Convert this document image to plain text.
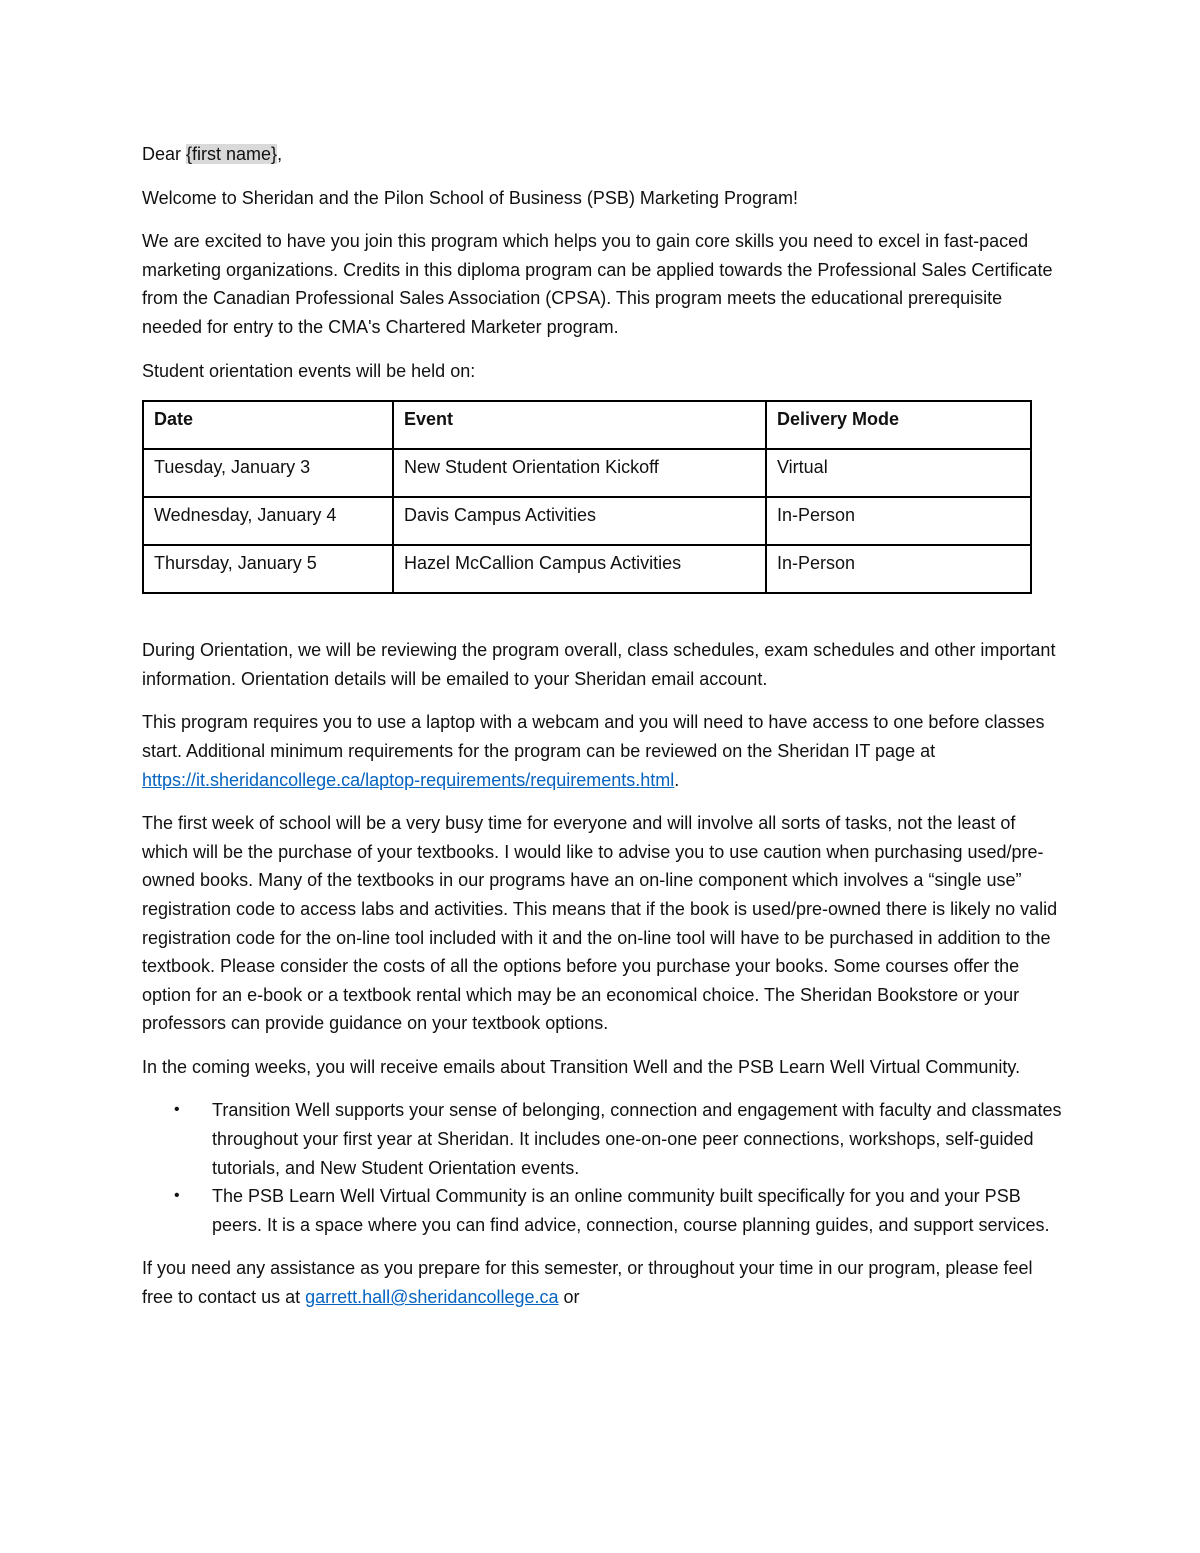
Dear {first name},

Welcome to Sheridan and the Pilon School of Business (PSB) Marketing Program!

We are excited to have you join this program which helps you to gain core skills you need to excel in fast-paced marketing organizations. Credits in this diploma program can be applied towards the Professional Sales Certificate from the Canadian Professional Sales Association (CPSA). This program meets the educational prerequisite needed for entry to the CMA's Chartered Marketer program.

Student orientation events will be held on:

Date	Event	Delivery Mode
Tuesday, January 3	New Student Orientation Kickoff	Virtual
Wednesday, January 4	Davis Campus Activities	In-Person
Thursday, January 5	Hazel McCallion Campus Activities	In-Person

During Orientation, we will be reviewing the program overall, class schedules, exam schedules and other important information. Orientation details will be emailed to your Sheridan email account.

This program requires you to use a laptop with a webcam and you will need to have access to one before classes start. Additional minimum requirements for the program can be reviewed on the Sheridan IT page at https://it.sheridancollege.ca/laptop-requirements/requirements.html.

The first week of school will be a very busy time for everyone and will involve all sorts of tasks, not the least of which will be the purchase of your textbooks. I would like to advise you to use caution when purchasing used/pre-owned books. Many of the textbooks in our programs have an on-line component which involves a “single use” registration code to access labs and activities. This means that if the book is used/pre-owned there is likely no valid registration code for the on-line tool included with it and the on-line tool will have to be purchased in addition to the textbook. Please consider the costs of all the options before you purchase your books. Some courses offer the option for an e-book or a textbook rental which may be an economical choice. The Sheridan Bookstore or your professors can provide guidance on your textbook options.

In the coming weeks, you will receive emails about Transition Well and the PSB Learn Well Virtual Community.

• Transition Well supports your sense of belonging, connection and engagement with faculty and classmates throughout your first year at Sheridan. It includes one-on-one peer connections, workshops, self-guided tutorials, and New Student Orientation events.
• The PSB Learn Well Virtual Community is an online community built specifically for you and your PSB peers. It is a space where you can find advice, connection, course planning guides, and support services.

If you need any assistance as you prepare for this semester, or throughout your time in our program, please feel free to contact us at garrett.hall@sheridancollege.ca or
